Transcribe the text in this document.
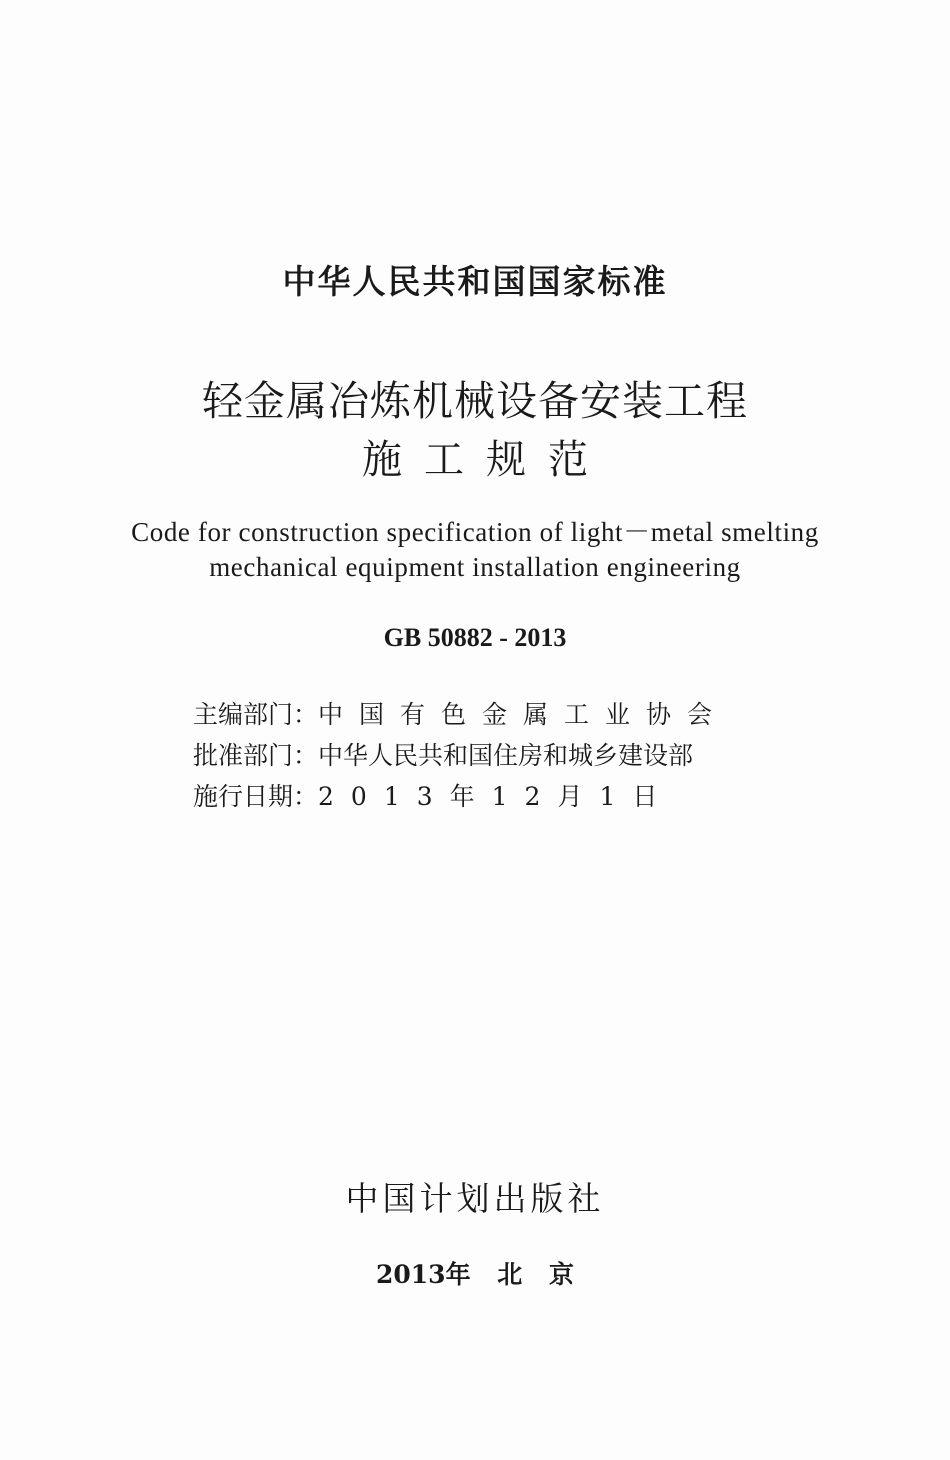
中华人民共和国国家标准
轻金属冶炼机械设备安装工程
施工规范
Code for construction specification of light－metal smelting
mechanical equipment installation engineering
GB 50882 - 2013
主编部门：中国有色金属工业协会
批准部门：中华人民共和国住房和城乡建设部
施行日期：2013年12月1日
中国计划出版社
2013年 北 京
